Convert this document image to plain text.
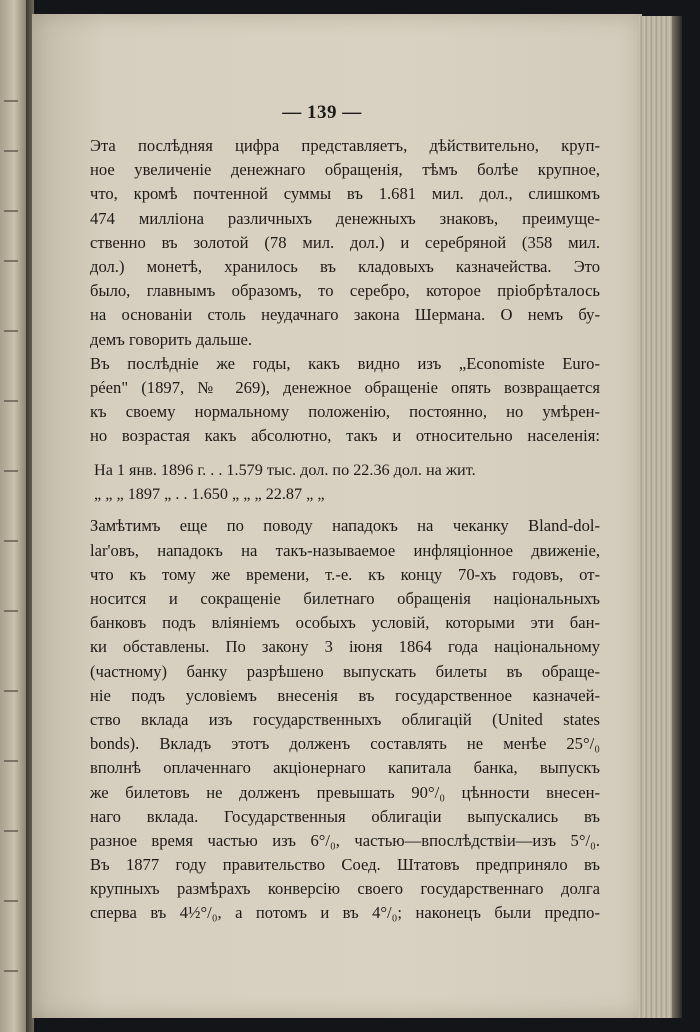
— 139 —
Эта послѣдняя цифра представляетъ, дѣйствительно, круп-
ное увеличеніе денежнаго обращенія, тѣмъ болѣе крупное,
что, кромѣ почтенной суммы въ 1.681 мил. дол., слишкомъ
474 милліона различныхъ денежныхъ знаковъ, преимуще-
ственно въ золотой (78 мил. дол.) и серебряной (358 мил.
дол.) монетѣ, хранилось въ кладовыхъ казначейства. Это
было, главнымъ образомъ, то серебро, которое пріобрѣталось
на основаніи столь неудачнаго закона Шермана. О немъ бу-
демъ говорить дальше.
Въ послѣдніе же годы, какъ видно изъ „Economiste Euro-
péen" (1897, № 269), денежное обращеніе опять возвращается
къ своему нормальному положенію, постоянно, но умѣрен-
но возрастая какъ абсолютно, такъ и относительно населенія:
На 1 янв. 1896 г. . . 1.579 тыс. дол. по 22.36 дол. на жит.
„ „ „ 1897 „ . . 1.650 „ „ „ 22.87 „ „
Замѣтимъ еще по поводу нападокъ на чеканку Bland-dol-
lar'овъ, нападокъ на такъ-называемое инфляціонное движеніе,
что къ тому же времени, т.-е. къ концу 70-хъ годовъ, от-
носится и сокращеніе билетнаго обращенія національныхъ
банковъ подъ вліяніемъ особыхъ условій, которыми эти бан-
ки обставлены. По закону 3 іюня 1864 года національному
(частному) банку разрѣшено выпускать билеты въ обраще-
ніе подъ условіемъ внесенія въ государственное казначей-
ство вклада изъ государственныхъ облигацій (United states
bonds). Вкладъ этотъ долженъ составлять не менѣе 25°/₀
вполнѣ оплаченнаго акціонернаго капитала банка, выпускъ
же билетовъ не долженъ превышать 90°/₀ цѣнности внесен-
наго вклада. Государственныя облигаціи выпускались въ
разное время частью изъ 6°/₀, частью—впослѣдствіи—изъ 5°/₀.
Въ 1877 году правительство Соед. Штатовъ предприняло въ
крупныхъ размѣрахъ конверсію своего государственнаго долга
сперва въ 4½°/₀, а потомъ и въ 4°/₀; наконецъ были предпо-
